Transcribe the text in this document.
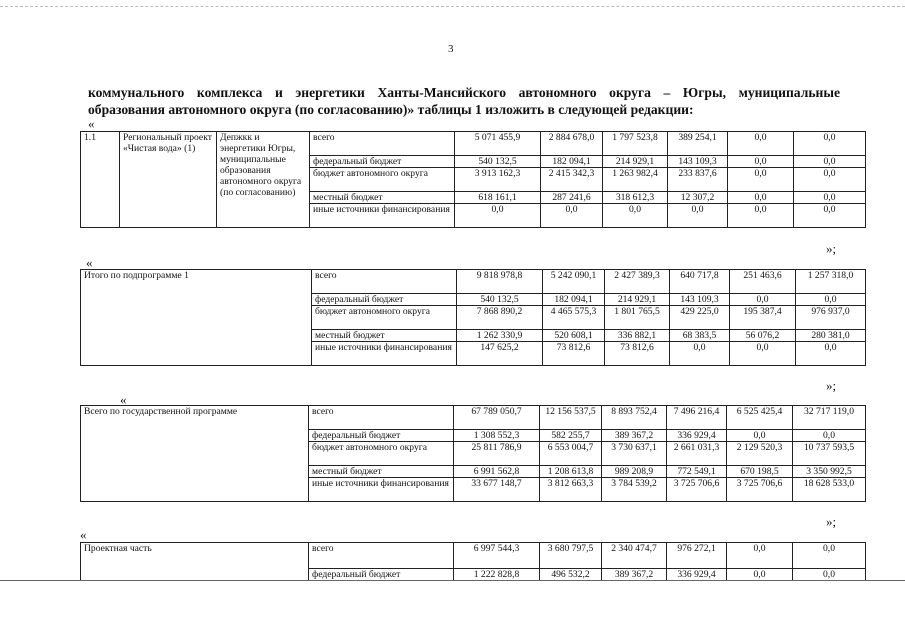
3
коммунального комплекса и энергетики Ханты-Мансийского автономного округа – Югры, муниципальные
образования автономного округа (по согласованию)» таблицы 1 изложить в следующей редакции:
«
1.1	Региональный проект «Чистая вода» (1)	Депжкк и энергетики Югры, муниципальные образования автономного округа (по согласованию)	всего	5 071 455,9	2 884 678,0	1 797 523,8	389 254,1	0,0	0,0
			федеральный бюджет	540 132,5	182 094,1	214 929,1	143 109,3	0,0	0,0
			бюджет автономного округа	3 913 162,3	2 415 342,3	1 263 982,4	233 837,6	0,0	0,0
			местный бюджет	618 161,1	287 241,6	318 612,3	12 307,2	0,0	0,0
			иные источники финансирования	0,0	0,0	0,0	0,0	0,0	0,0
»;
«
Итого по подпрограмме 1	всего	9 818 978,8	5 242 090,1	2 427 389,3	640 717,8	251 463,6	1 257 318,0
	федеральный бюджет	540 132,5	182 094,1	214 929,1	143 109,3	0,0	0,0
	бюджет автономного округа	7 868 890,2	4 465 575,3	1 801 765,5	429 225,0	195 387,4	976 937,0
	местный бюджет	1 262 330,9	520 608,1	336 882,1	68 383,5	56 076,2	280 381,0
	иные источники финансирования	147 625,2	73 812,6	73 812,6	0,0	0,0	0,0
»;
«
Всего по государственной программе	всего	67 789 050,7	12 156 537,5	8 893 752,4	7 496 216,4	6 525 425,4	32 717 119,0
	федеральный бюджет	1 308 552,3	582 255,7	389 367,2	336 929,4	0,0	0,0
	бюджет автономного округа	25 811 786,9	6 553 004,7	3 730 637,1	2 661 031,3	2 129 520,3	10 737 593,5
	местный бюджет	6 991 562,8	1 208 613,8	989 208,9	772 549,1	670 198,5	3 350 992,5
	иные источники финансирования	33 677 148,7	3 812 663,3	3 784 539,2	3 725 706,6	3 725 706,6	18 628 533,0
»;
«
Проектная часть	всего	6 997 544,3	3 680 797,5	2 340 474,7	976 272,1	0,0	0,0
	федеральный бюджет	1 222 828,8	496 532,2	389 367,2	336 929,4	0,0	0,0
